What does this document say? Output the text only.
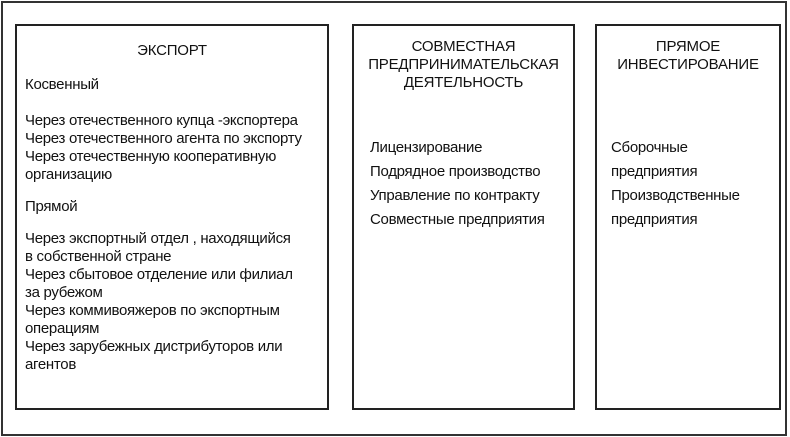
ЭКСПОРТ
Косвенный
Через отечественного купца -экспортера
Через отечественного агента по экспорту
Через отечественную кооперативную
организацию
Прямой
Через экспортный отдел , находящийся
в собственной стране
Через сбытовое отделение или филиал
за рубежом
Через коммивояжеров по экспортным
операциям
Через зарубежных дистрибуторов или
агентов
СОВМЕСТНАЯ
ПРЕДПРИНИМАТЕЛЬСКАЯ
ДЕЯТЕЛЬНОСТЬ
Лицензирование
Подрядное производство
Управление по контракту
Совместные предприятия
ПРЯМОЕ
ИНВЕСТИРОВАНИЕ
Сборочные
предприятия
Производственные
предприятия
